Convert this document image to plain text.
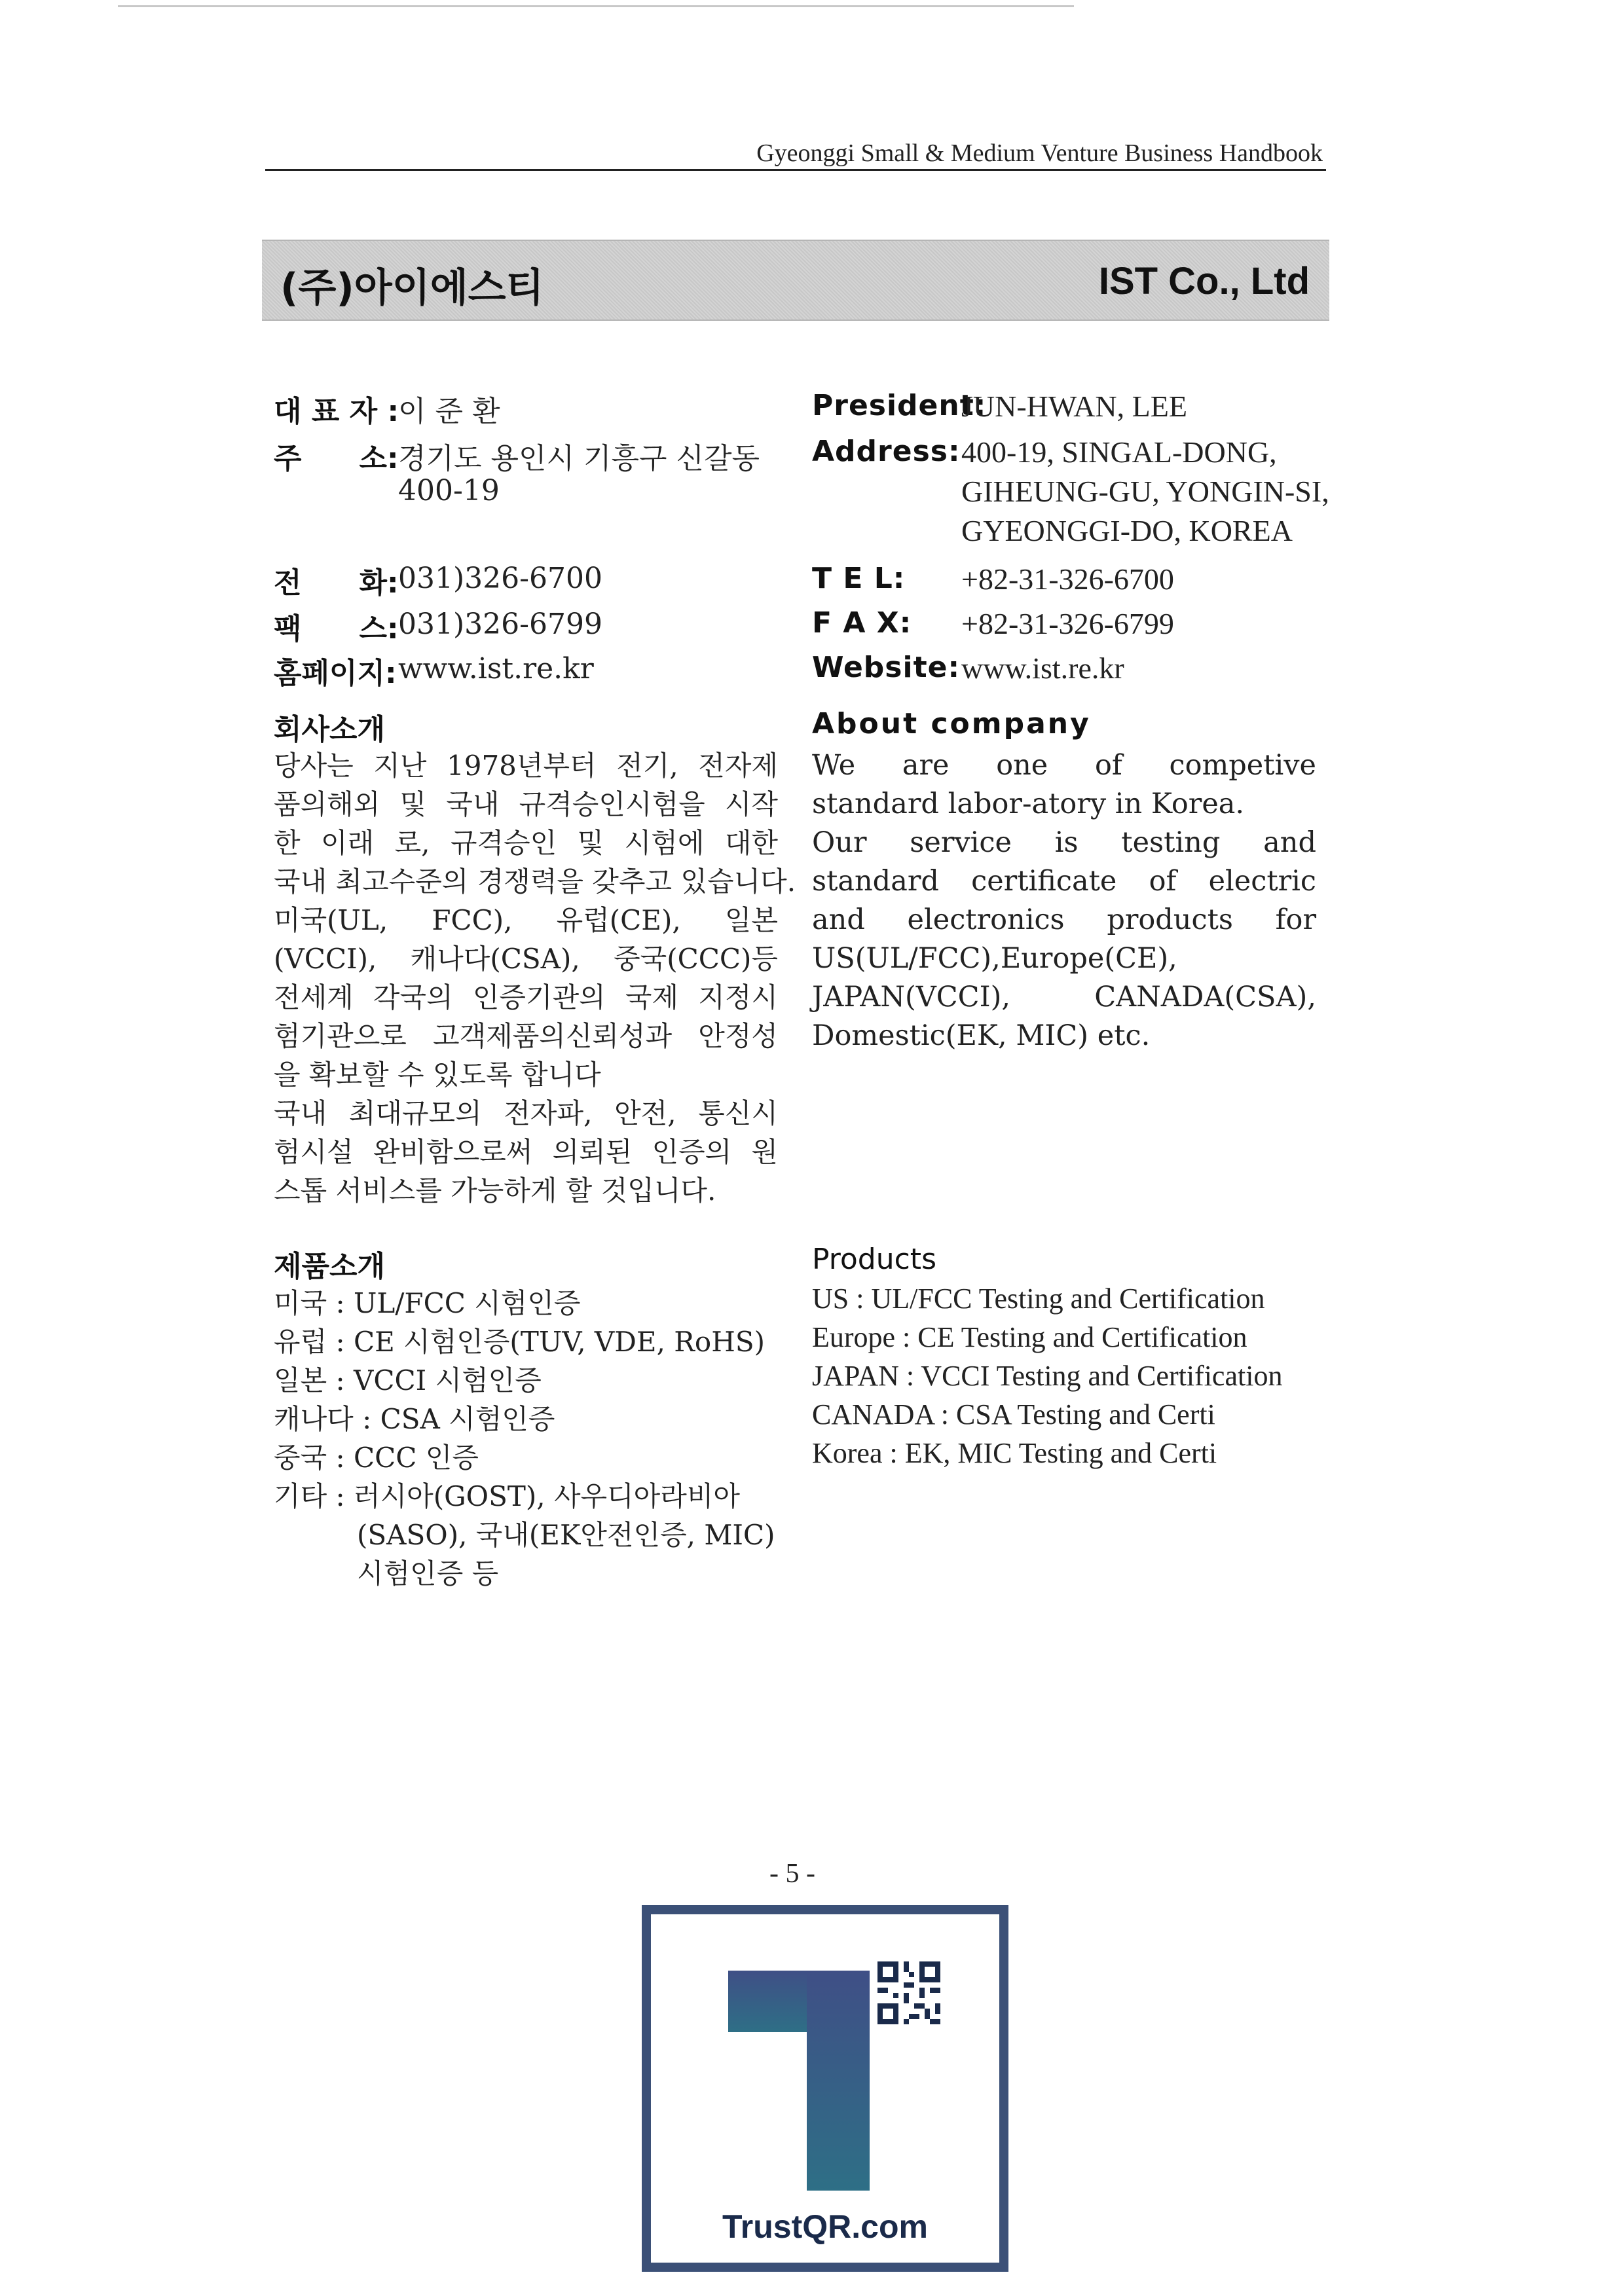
Gyeonggi Small & Medium Venture Business Handbook
(주)아이에스티	IST Co., Ltd
대 표 자 :
이 준 환
주　　소: 경기도 용인시 기흥구 신갈동
400-19
전　　화: 031)326-6700
팩　　스: 031)326-6799
홈페이지: www.ist.re.kr
President:
JUN-HWAN, LEE
Address: 400-19, SINGAL-DONG,
GIHEUNG-GU, YONGIN-SI,
GYEONGGI-DO, KOREA
T E L: +82-31-326-6700
F A X: +82-31-326-6799
Website: www.ist.re.kr
회사소개	About company
당사는 지난 1978년부터 전기, 전자제
품의해외 및 국내 규격승인시험을 시작
한 이래 로, 규격승인 및 시험에 대한
국내 최고수준의 경쟁력을 갖추고 있습니다.
미국(UL, FCC), 유럽(CE), 일본
(VCCI), 캐나다(CSA), 중국(CCC)등
전세계 각국의 인증기관의 국제 지정시
험기관으로 고객제품의신뢰성과 안정성
을 확보할 수 있도록 합니다
국내 최대규모의 전자파, 안전, 통신시
험시설 완비함으로써 의뢰된 인증의 원
스톱 서비스를 가능하게 할 것입니다.
We are one of competive
standard labor-atory in Korea.
Our service is testing and
standard certificate of electric
and electronics products for
US(UL/FCC),Europe(CE),
JAPAN(VCCI), CANADA(CSA),
Domestic(EK, MIC) etc.
제품소개	Products
미국 : UL/FCC 시험인증
유럽 : CE 시험인증(TUV, VDE, RoHS)
일본 : VCCI 시험인증
캐나다 : CSA 시험인증
중국 : CCC 인증
기타 : 러시아(GOST), 사우디아라비아
(SASO), 국내(EK안전인증, MIC)
시험인증 등
US : UL/FCC Testing and Certification
Europe : CE Testing and Certification
JAPAN : VCCI Testing and Certification
CANADA : CSA Testing and Certi
Korea : EK, MIC Testing and Certi
- 5 -
TrustQR.com
